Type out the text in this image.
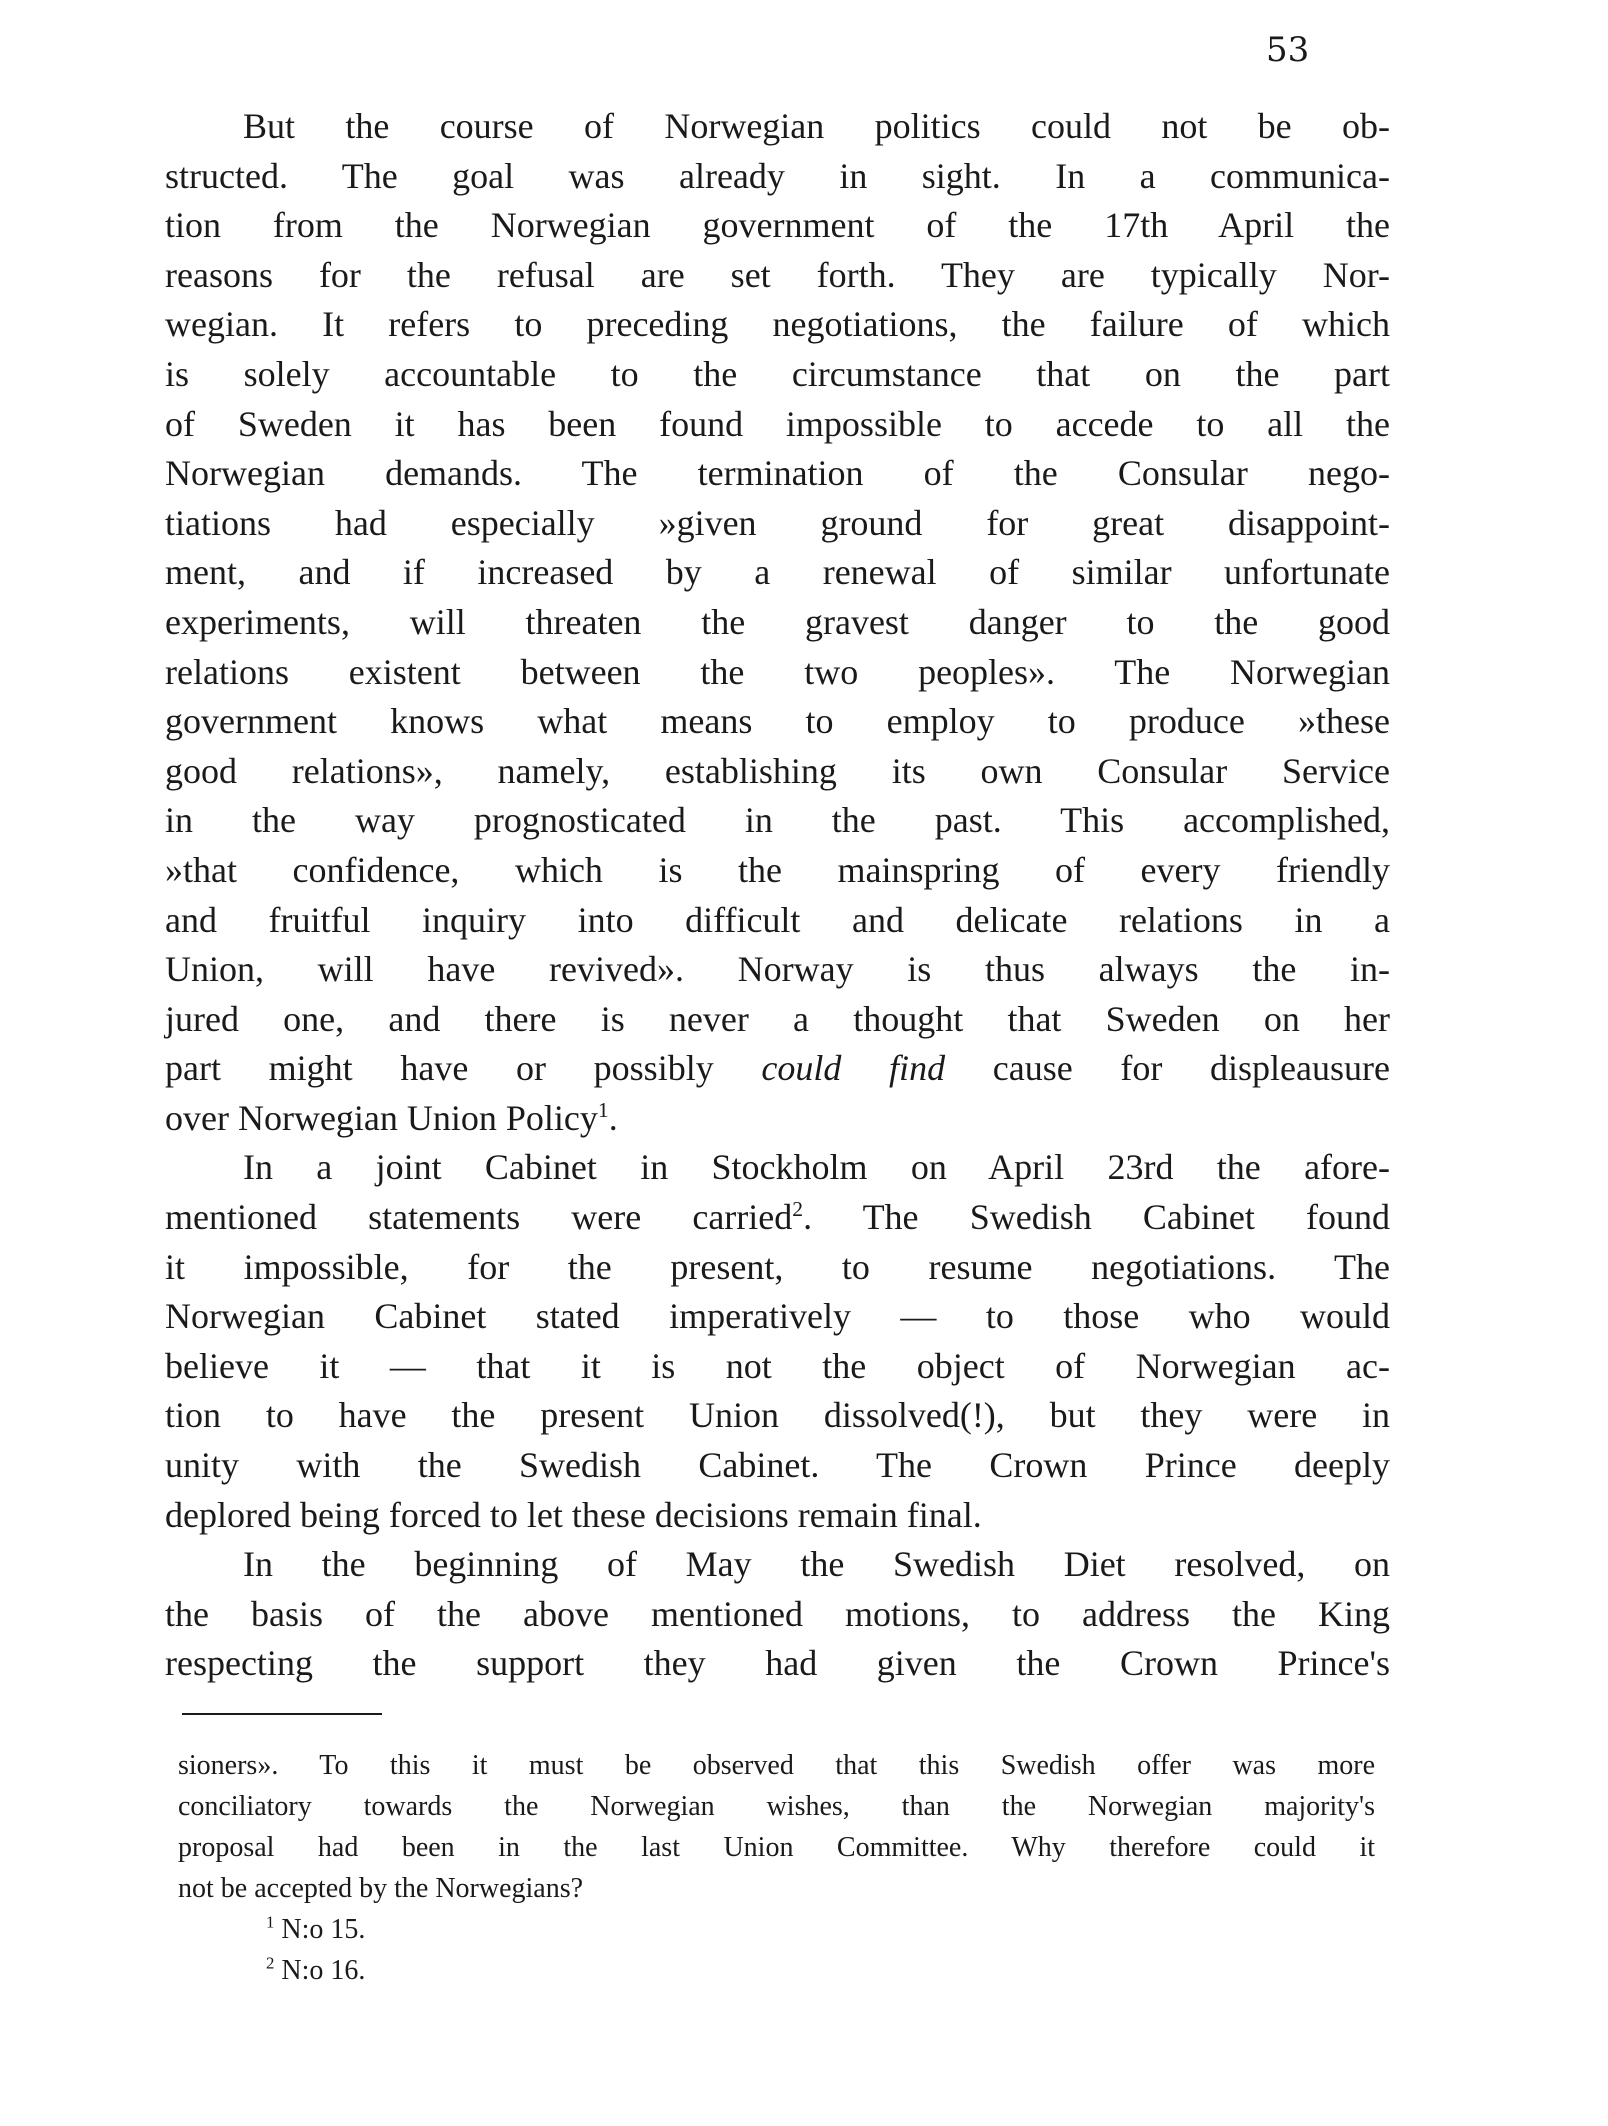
53
But the course of Norwegian politics could not be ob-
structed. The goal was already in sight. In a communica-
tion from the Norwegian government of the 17th April the
reasons for the refusal are set forth. They are typically Nor-
wegian. It refers to preceding negotiations, the failure of which
is solely accountable to the circumstance that on the part
of Sweden it has been found impossible to accede to all the
Norwegian demands. The termination of the Consular nego-
tiations had especially »given ground for great disappoint-
ment, and if increased by a renewal of similar unfortunate
experiments, will threaten the gravest danger to the good
relations existent between the two peoples». The Norwegian
government knows what means to employ to produce »these
good relations», namely, establishing its own Consular Service
in the way prognosticated in the past. This accomplished,
»that confidence, which is the mainspring of every friendly
and fruitful inquiry into difficult and delicate relations in a
Union, will have revived». Norway is thus always the in-
jured one, and there is never a thought that Sweden on her
part might have or possibly could find cause for displeausure
over Norwegian Union Policy$^1$.
In a joint Cabinet in Stockholm on April 23rd the afore-
mentioned statements were carried$^2$. The Swedish Cabinet found
it impossible, for the present, to resume negotiations. The
Norwegian Cabinet stated imperatively — to those who would
believe it — that it is not the object of Norwegian ac-
tion to have the present Union dissolved(!), but they were in
unity with the Swedish Cabinet. The Crown Prince deeply
deplored being forced to let these decisions remain final.
In the beginning of May the Swedish Diet resolved, on
the basis of the above mentioned motions, to address the King
respecting the support they had given the Crown Prince's
sioners». To this it must be observed that this Swedish offer was more
conciliatory towards the Norwegian wishes, than the Norwegian majority's
proposal had been in the last Union Committee. Why therefore could it
not be accepted by the Norwegians?
$^1$ N:o 15.
$^2$ N:o 16.
